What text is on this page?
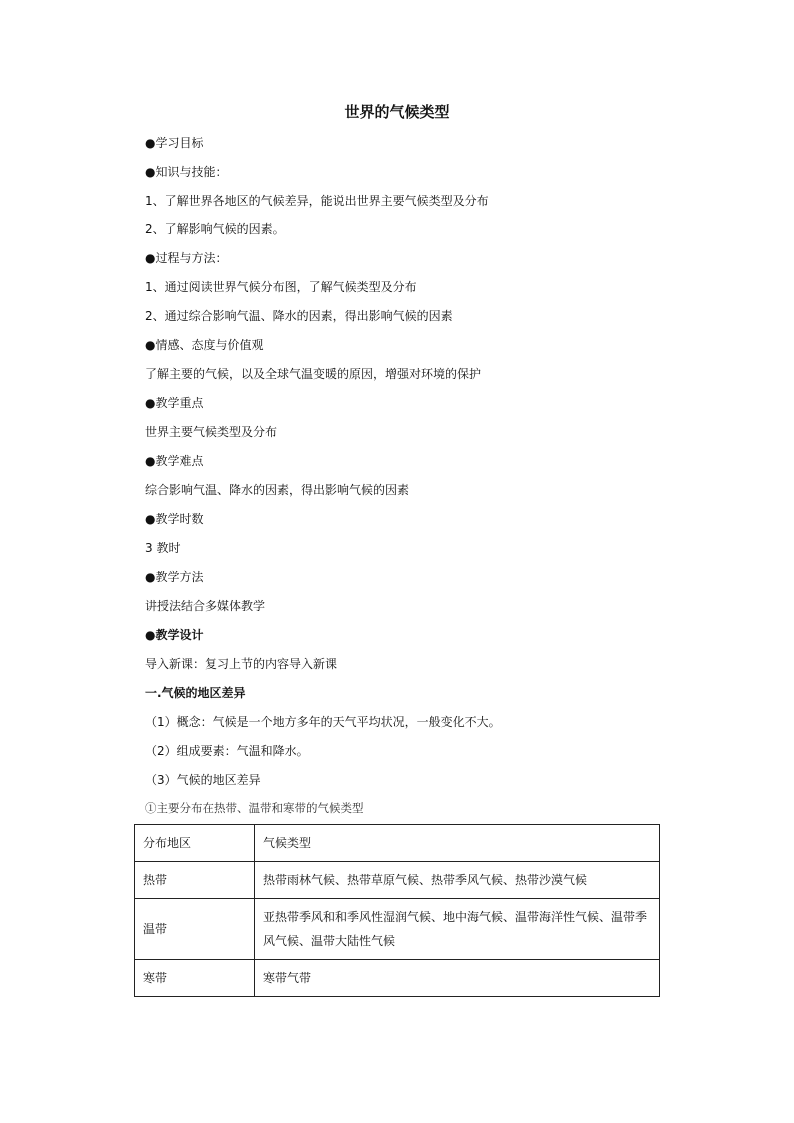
世界的气候类型
●学习目标
●知识与技能：
1、了解世界各地区的气候差异，能说出世界主要气候类型及分布
2、了解影响气候的因素。
●过程与方法：
1、通过阅读世界气候分布图，了解气候类型及分布
2、通过综合影响气温、降水的因素，得出影响气候的因素
●情感、态度与价值观
了解主要的气候，以及全球气温变暖的原因，增强对环境的保护
●教学重点
世界主要气候类型及分布
●教学难点
综合影响气温、降水的因素，得出影响气候的因素
●教学时数
3 教时
●教学方法
讲授法结合多媒体教学
●教学设计
导入新课：复习上节的内容导入新课
一.气候的地区差异
（1）概念：气候是一个地方多年的天气平均状况，一般变化不大。
（2）组成要素：气温和降水。
（3）气候的地区差异
①主要分布在热带、温带和寒带的气候类型
分布地区	气候类型
热带	热带雨林气候、热带草原气候、热带季风气候、热带沙漠气候
温带	亚热带季风和和季风性湿润气候、地中海气候、温带海洋性气候、温带季风气候、温带大陆性气候
寒带	寒带气带
